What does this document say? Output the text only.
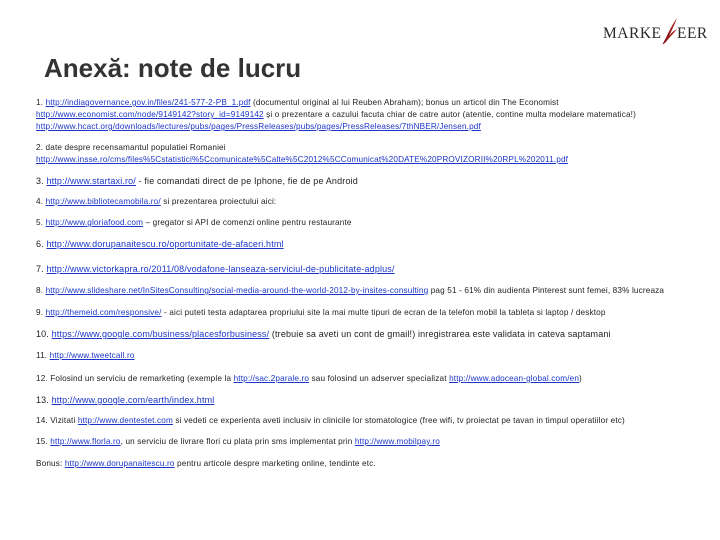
MARKE EER
Anexă: note de lucru
1. http://indiagovernance.gov.in/files/241-577-2-PB_1.pdf (documentul original al lui Reuben Abraham); bonus un articol din The Economist
http://www.economist.com/node/9149142?story_id=9149142 și o prezentare a cazului facuta chiar de catre autor (atentie, contine multa modelare matematica!)
http://www.hcact.org/downloads/lectures/pubs/pages/PressReleases/pubs/pages/PressReleases/7thNBER/Jensen.pdf
2. date despre recensamantul populatiei Romaniei
http://www.insse.ro/cms/files%5Cstatistici%5Ccomunicate%5Calte%5C2012%5CComunicat%20DATE%20PROVIZORII%20RPL%202011.pdf
3. http://www.startaxi.ro/ - fie comandati direct de pe Iphone, fie de pe Android
4. http://www.bibliotecamobila.ro/ si prezentarea proiectului aici:
5. http://www.gloriafood.com – gregator si API de comenzi online pentru restaurante
6. http://www.dorupanaitescu.ro/oportunitate-de-afaceri.html
7. http://www.victorkapra.ro/2011/08/vodafone-lanseaza-serviciul-de-publicitate-adplus/
8. http://www.slideshare.net/InSitesConsulting/social-media-around-the-world-2012-by-insites-consulting pag 51 - 61% din audienta Pinterest sunt femei, 83% lucreaza
9. http://themeid.com/responsive/ - aici puteti testa adaptarea propriului site la mai multe tipuri de ecran de la telefon mobil la tableta si laptop / desktop
10. https://www.google.com/business/placesforbusiness/ (trebuie sa aveti un cont de gmail!) inregistrarea este validata in cateva saptamani
11. http://www.tweetcall.ro
12. Folosind un serviciu de remarketing (exemple la http://sac.2parale.ro sau folosind un adserver specializat http://www.adocean-global.com/en)
13. http://www.google.com/earth/index.html
14. Vizitati http://www.dentestet.com si vedeti ce experienta aveti inclusiv in clinicile lor stomatologice (free wifi, tv proiectat pe tavan in timpul operatiilor etc)
15. http://www.florla.ro, un serviciu de livrare flori cu plata prin sms implementat prin http://www.mobilpay.ro
Bonus: http://www.dorupanaitescu.ro pentru articole despre marketing online, tendinte etc.
